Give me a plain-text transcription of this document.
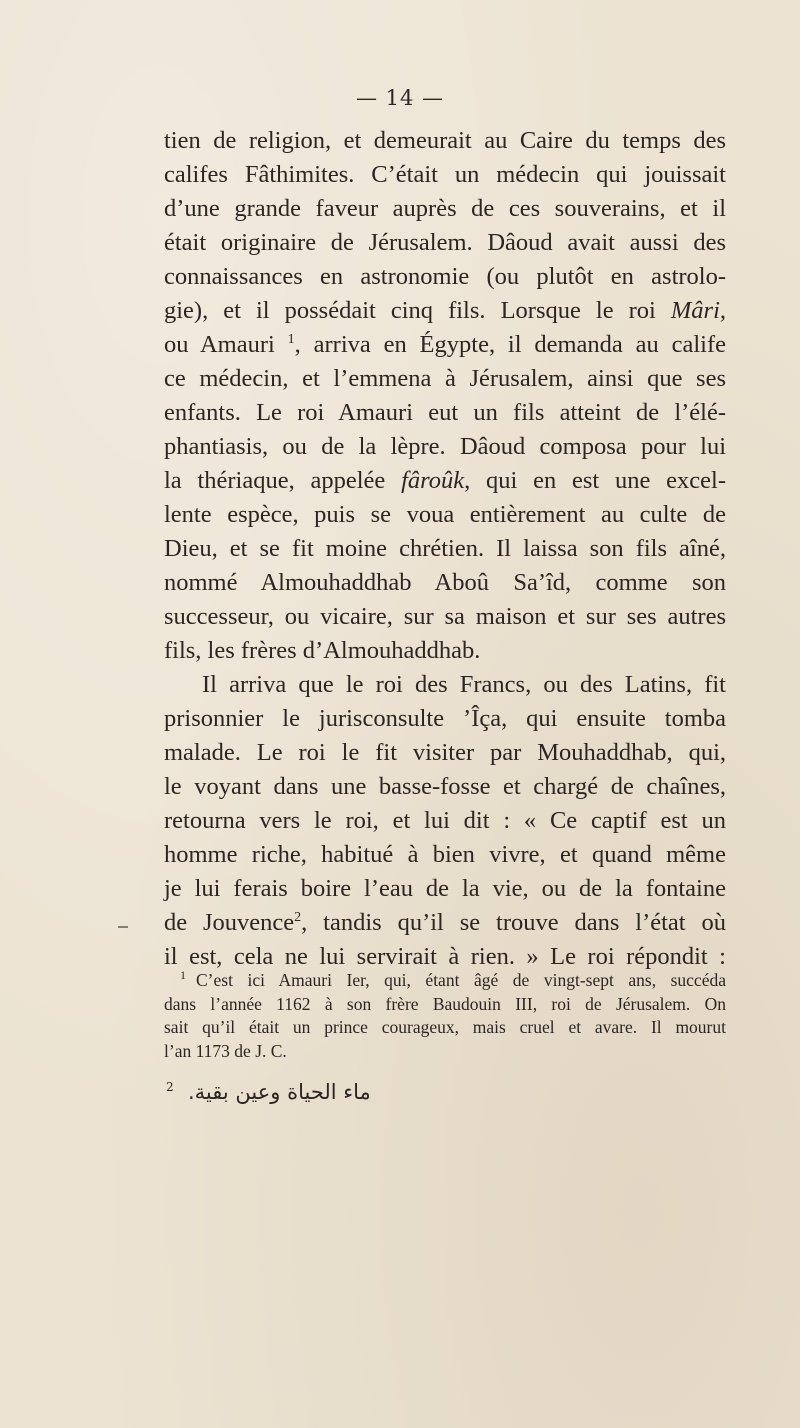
— 14 —
tien de religion, et demeurait au Caire du temps des
califes Fâthimites. C’était un médecin qui jouissait
d’une grande faveur auprès de ces souverains, et il
était originaire de Jérusalem. Dâoud avait aussi des
connaissances en astronomie (ou plutôt en astrolo-
gie), et il possédait cinq fils. Lorsque le roi Mâri,
ou Amauri $^1$, arriva en Égypte, il demanda au calife
ce médecin, et l’emmena à Jérusalem, ainsi que ses
enfants. Le roi Amauri eut un fils atteint de l’élé-
phantiasis, ou de la lèpre. Dâoud composa pour lui
la thériaque, appelée fâroûk, qui en est une excel-
lente espèce, puis se voua entièrement au culte de
Dieu, et se fit moine chrétien. Il laissa son fils aîné,
nommé Almouhaddhab Aboû Sa’îd, comme son
successeur, ou vicaire, sur sa maison et sur ses autres
fils, les frères d’Almouhaddhab.
Il arriva que le roi des Francs, ou des Latins, fit
prisonnier le jurisconsulte ’Îça, qui ensuite tomba
malade. Le roi le fit visiter par Mouhaddhab, qui,
le voyant dans une basse-fosse et chargé de chaînes,
retourna vers le roi, et lui dit : « Ce captif est un
homme riche, habitué à bien vivre, et quand même
je lui ferais boire l’eau de la vie, ou de la fontaine
de Jouvence$^2$, tandis qu’il se trouve dans l’état où
il est, cela ne lui servirait à rien. » Le roi répondit :
$^1$ C’est ici Amauri Ier, qui, étant âgé de vingt-sept ans, succéda
dans l’année 1162 à son frère Baudouin III, roi de Jérusalem. On
sait qu’il était un prince courageux, mais cruel et avare. Il mourut
l’an 1173 de J. C.
$^2$ ماء الحياة وعين بقية.
